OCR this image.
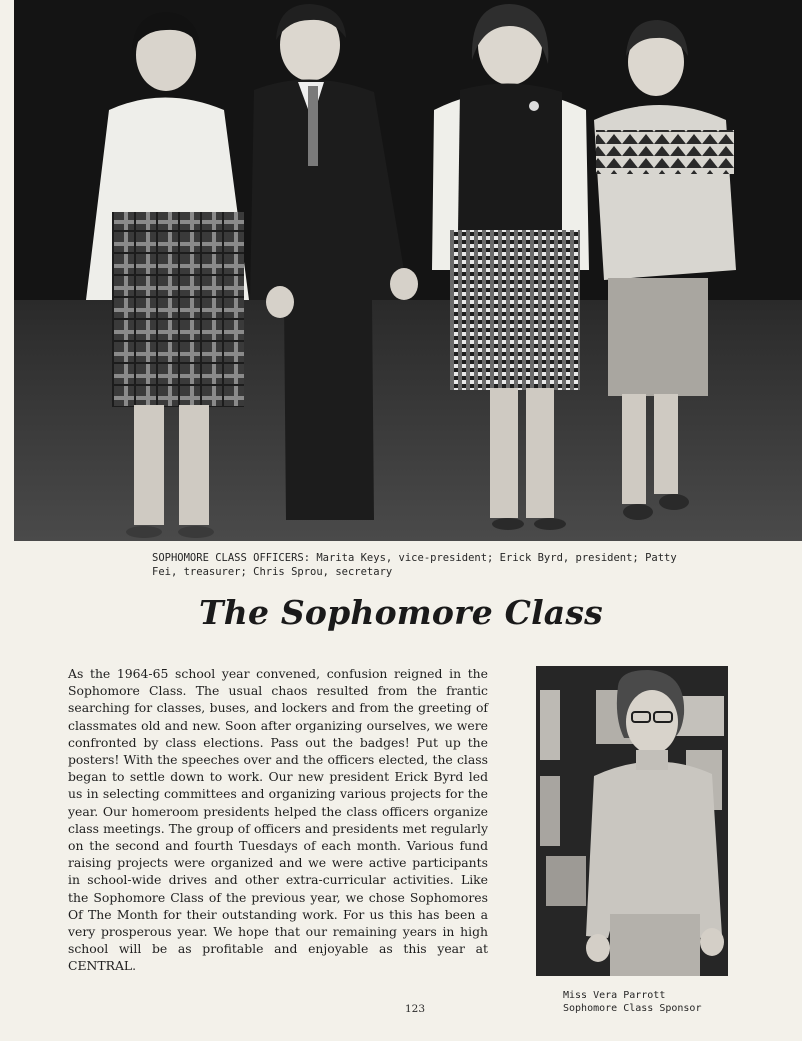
SOPHOMORE CLASS OFFICERS: Marita Keys, vice-president; Erick Byrd, president; Patty Fei, treasurer; Chris Sprou, secretary
The Sophomore Class

As the 1964-65 school year convened, confusion reigned in the Sophomore Class. The usual chaos resulted from the frantic searching for classes, buses, and lockers and from the greeting of classmates old and new. Soon after organizing ourselves, we were confronted by class elections. Pass out the badges! Put up the posters! With the speeches over and the officers elected, the class began to settle down to work. Our new president Erick Byrd led us in selecting committees and organizing various projects for the year. Our homeroom presidents helped the class officers organize class meetings. The group of officers and presidents met regularly on the second and fourth Tuesdays of each month. Various fund raising projects were organized and we were active participants in school-wide drives and other extra-curricular activities. Like the Sophomore Class of the previous year, we chose Sophomores Of The Month for their outstanding work. For us this has been a very prosperous year. We hope that our remaining years in high school will be as profitable and enjoyable as this year at CENTRAL.

Miss Vera Parrott
Sophomore Class Sponsor
123
